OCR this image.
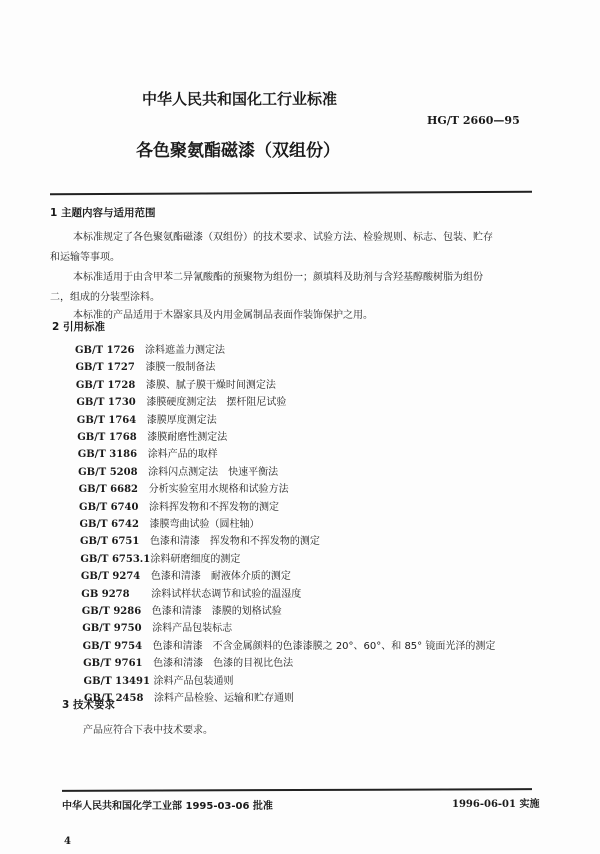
中华人民共和国化工行业标准
HG/T 2660—95
各色聚氨酯磁漆（双组份）
1 主题内容与适用范围
本标准规定了各色聚氨酯磁漆（双组份）的技术要求、试验方法、检验规则、标志、包装、贮存
和运输等事项。
本标准适用于由含甲苯二异氰酸酯的预聚物为组份一；颜填料及助剂与含羟基醇酸树脂为组份
二，组成的分装型涂料。
本标准的产品适用于木器家具及内用金属制品表面作装饰保护之用。
2 引用标准
GB/T 1726 涂料遮盖力测定法
GB/T 1727 漆膜一般制备法
GB/T 1728 漆膜、腻子膜干燥时间测定法
GB/T 1730 漆膜硬度测定法　摆杆阻尼试验
GB/T 1764 漆膜厚度测定法
GB/T 1768 漆膜耐磨性测定法
GB/T 3186 涂料产品的取样
GB/T 5208 涂料闪点测定法　快速平衡法
GB/T 6682 分析实验室用水规格和试验方法
GB/T 6740 涂料挥发物和不挥发物的测定
GB/T 6742 漆膜弯曲试验（圆柱轴）
GB/T 6751 色漆和清漆　挥发物和不挥发物的测定
GB/T 6753.1涂料研磨细度的测定
GB/T 9274 色漆和清漆　耐液体介质的测定
GB 9278 涂料试样状态调节和试验的温湿度
GB/T 9286 色漆和清漆　漆膜的划格试验
GB/T 9750 涂料产品包装标志
GB/T 9754 色漆和清漆　不含金属颜料的色漆漆膜之 20°、60°、和 85° 镜面光泽的测定
GB/T 9761 色漆和清漆　色漆的目视比色法
GB/T 13491 涂料产品包装通则
GB/T 2458 涂料产品检验、运输和贮存通则
3 技术要求
产品应符合下表中技术要求。
中华人民共和国化学工业部 1995-03-06 批准	1996-06-01 实施
4
